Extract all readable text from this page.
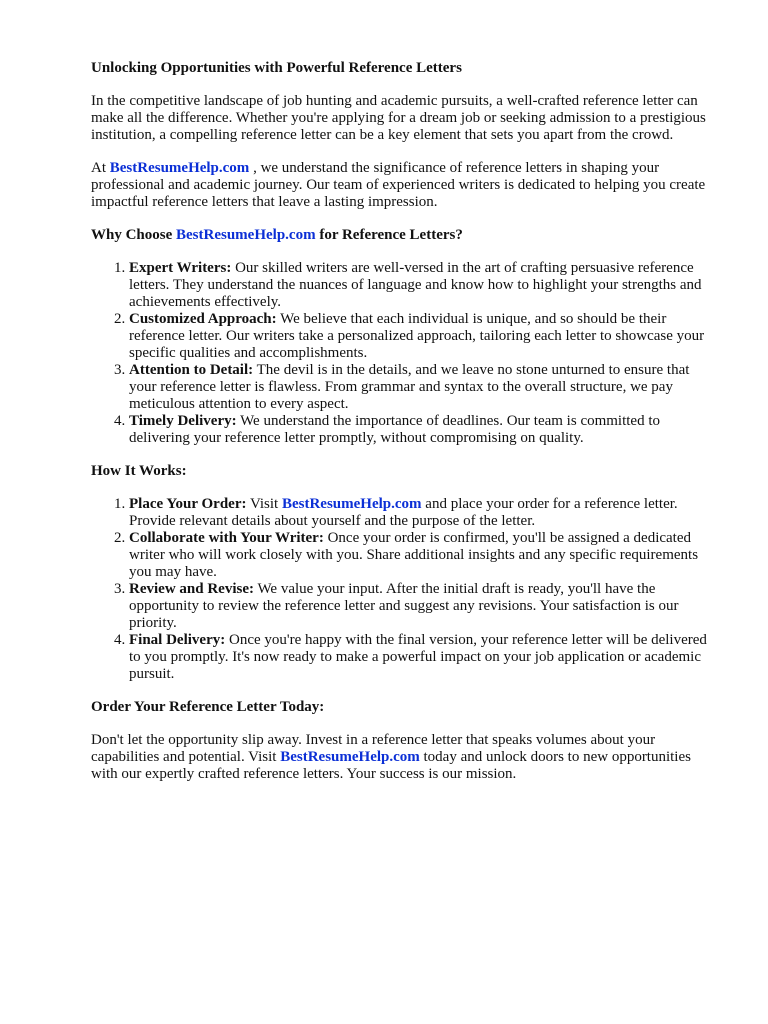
Unlocking Opportunities with Powerful Reference Letters

In the competitive landscape of job hunting and academic pursuits, a well-crafted reference letter can make all the difference. Whether you're applying for a dream job or seeking admission to a prestigious institution, a compelling reference letter can be a key element that sets you apart from the crowd.

At BestResumeHelp.com , we understand the significance of reference letters in shaping your professional and academic journey. Our team of experienced writers is dedicated to helping you create impactful reference letters that leave a lasting impression.

Why Choose BestResumeHelp.com for Reference Letters?
1. Expert Writers: Our skilled writers are well-versed in the art of crafting persuasive reference letters. They understand the nuances of language and know how to highlight your strengths and achievements effectively.
2. Customized Approach: We believe that each individual is unique, and so should be their reference letter. Our writers take a personalized approach, tailoring each letter to showcase your specific qualities and accomplishments.
3. Attention to Detail: The devil is in the details, and we leave no stone unturned to ensure that your reference letter is flawless. From grammar and syntax to the overall structure, we pay meticulous attention to every aspect.
4. Timely Delivery: We understand the importance of deadlines. Our team is committed to delivering your reference letter promptly, without compromising on quality.
How It Works:
1. Place Your Order: Visit BestResumeHelp.com and place your order for a reference letter. Provide relevant details about yourself and the purpose of the letter.
2. Collaborate with Your Writer: Once your order is confirmed, you'll be assigned a dedicated writer who will work closely with you. Share additional insights and any specific requirements you may have.
3. Review and Revise: We value your input. After the initial draft is ready, you'll have the opportunity to review the reference letter and suggest any revisions. Your satisfaction is our priority.
4. Final Delivery: Once you're happy with the final version, your reference letter will be delivered to you promptly. It's now ready to make a powerful impact on your job application or academic pursuit.
Order Your Reference Letter Today:

Don't let the opportunity slip away. Invest in a reference letter that speaks volumes about your capabilities and potential. Visit BestResumeHelp.com today and unlock doors to new opportunities with our expertly crafted reference letters. Your success is our mission.
